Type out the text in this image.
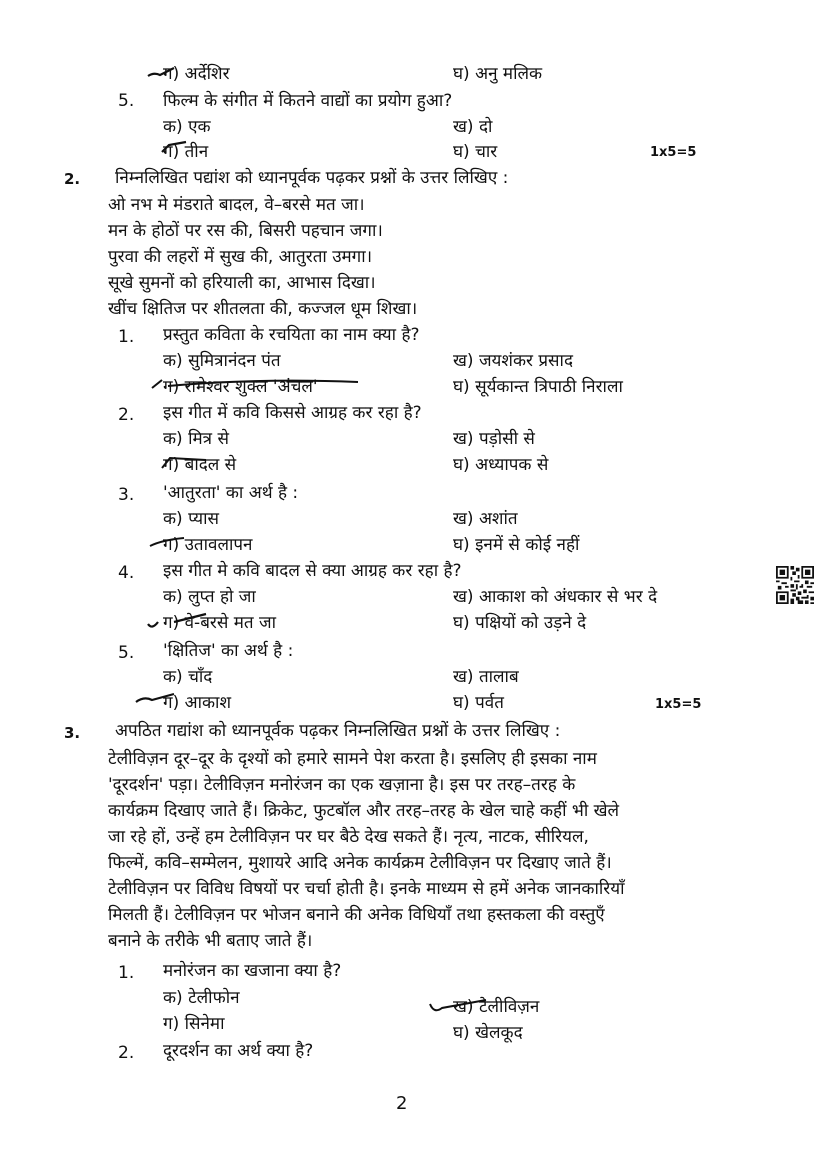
ग) अर्देशिर	घ) अनु मलिक
5. फिल्म के संगीत में कितने वाद्यों का प्रयोग हुआ?
क) एक	ख) दो
ग) तीन	घ) चार	1x5=5
2. निम्नलिखित पद्यांश को ध्यानपूर्वक पढ़कर प्रश्नों के उत्तर लिखिए :
ओ नभ मे मंडराते बादल, वे–बरसे मत जा।
मन के होठों पर रस की, बिसरी पहचान जगा।
पुरवा की लहरों में सुख की, आतुरता उमगा।
सूखे सुमनों को हरियाली का, आभास दिखा।
खींच क्षितिज पर शीतलता की, कज्जल धूम शिखा।
1. प्रस्तुत कविता के रचयिता का नाम क्या है?
क) सुमित्रानंदन पंत	ख) जयशंकर प्रसाद
ग) रामेश्वर शुक्ल 'अंचल'	घ) सूर्यकान्त त्रिपाठी निराला
2. इस गीत में कवि किससे आग्रह कर रहा है?
क) मित्र से	ख) पड़ोसी से
ग) बादल से	घ) अध्यापक से
3. 'आतुरता' का अर्थ है :
क) प्यास	ख) अशांत
ग) उतावलापन	घ) इनमें से कोई नहीं
4. इस गीत मे कवि बादल से क्या आग्रह कर रहा है?
क) लुप्त हो जा	ख) आकाश को अंधकार से भर दे
ग) वे-बरसे मत जा	घ) पक्षियों को उड़ने दे
5. 'क्षितिज' का अर्थ है :
क) चाँद	ख) तालाब
ग) आकाश	घ) पर्वत	1x5=5
3. अपठित गद्यांश को ध्यानपूर्वक पढ़कर निम्नलिखित प्रश्नों के उत्तर लिखिए :
टेलीविज़न दूर–दूर के दृश्यों को हमारे सामने पेश करता है। इसलिए ही इसका नाम
'दूरदर्शन' पड़ा। टेलीविज़न मनोरंजन का एक खज़ाना है। इस पर तरह–तरह के
कार्यक्रम दिखाए जाते हैं। क्रिकेट, फुटबॉल और तरह–तरह के खेल चाहे कहीं भी खेले
जा रहे हों, उन्हें हम टेलीविज़न पर घर बैठे देख सकते हैं। नृत्य, नाटक, सीरियल,
फिल्में, कवि–सम्मेलन, मुशायरे आदि अनेक कार्यक्रम टेलीविज़न पर दिखाए जाते हैं।
टेलीविज़न पर विविध विषयों पर चर्चा होती है। इनके माध्यम से हमें अनेक जानकारियाँ
मिलती हैं। टेलीविज़न पर भोजन बनाने की अनेक विधियाँ तथा हस्तकला की वस्तुएँ
बनाने के तरीके भी बताए जाते हैं।
1. मनोरंजन का खजाना क्या है?
क) टेलीफोन	ख) टेलीविज़न
ग) सिनेमा	घ) खेलकूद
2. दूरदर्शन का अर्थ क्या है?
2
